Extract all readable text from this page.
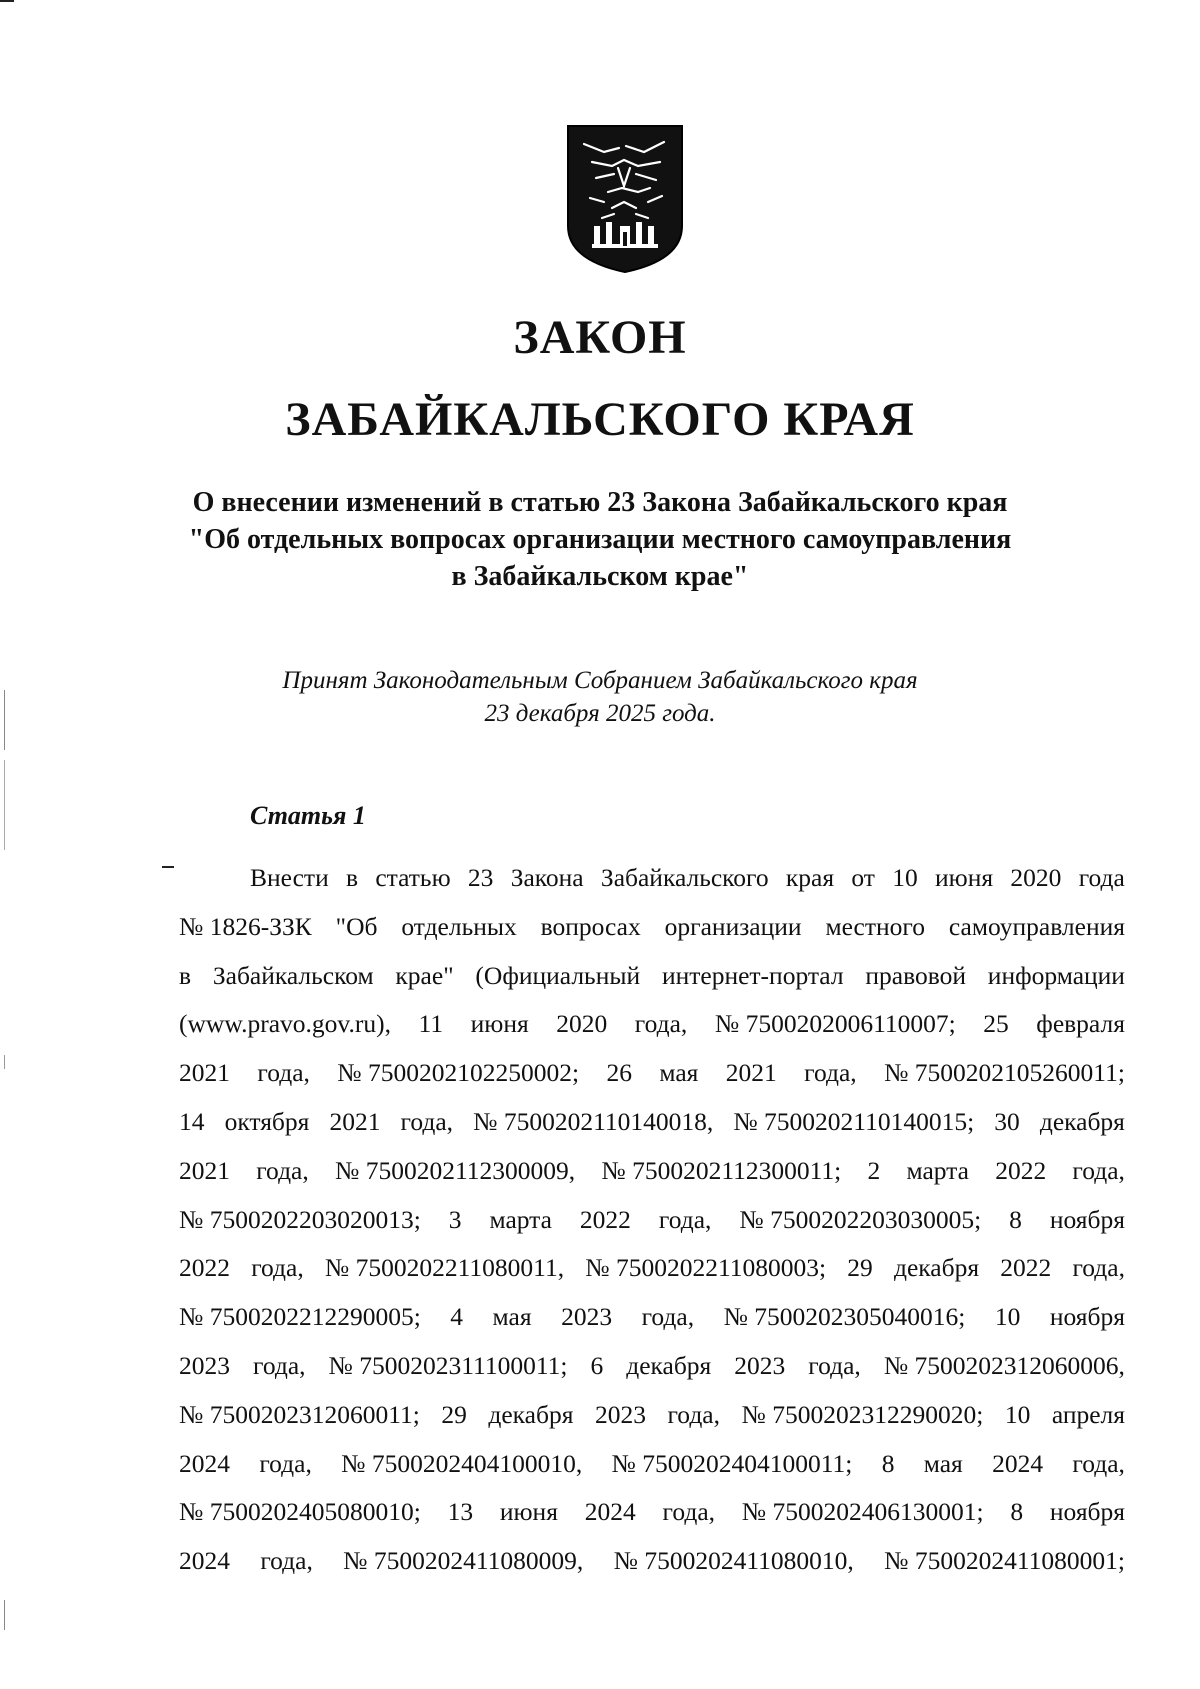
ЗАКОН
ЗАБАЙКАЛЬСКОГО КРАЯ
О внесении изменений в статью 23 Закона Забайкальского края
"Об отдельных вопросах организации местного самоуправления
в Забайкальском крае"
Принят Законодательным Собранием Забайкальского края
23 декабря 2025 года.
Статья 1
Внести в статью 23 Закона Забайкальского края от 10 июня 2020 года
№ 1826-ЗЗК "Об отдельных вопросах организации местного самоуправления
в Забайкальском крае" (Официальный интернет-портал правовой информации
(www.pravo.gov.ru), 11 июня 2020 года, № 7500202006110007; 25 февраля
2021 года, № 7500202102250002; 26 мая 2021 года, № 7500202105260011;
14 октября 2021 года, № 7500202110140018, № 7500202110140015; 30 декабря
2021 года, № 7500202112300009, № 7500202112300011; 2 марта 2022 года,
№ 7500202203020013; 3 марта 2022 года, № 7500202203030005; 8 ноября
2022 года, № 7500202211080011, № 7500202211080003; 29 декабря 2022 года,
№ 7500202212290005; 4 мая 2023 года, № 7500202305040016; 10 ноября
2023 года, № 7500202311100011; 6 декабря 2023 года, № 7500202312060006,
№ 7500202312060011; 29 декабря 2023 года, № 7500202312290020; 10 апреля
2024 года, № 7500202404100010, № 7500202404100011; 8 мая 2024 года,
№ 7500202405080010; 13 июня 2024 года, № 7500202406130001; 8 ноября
2024 года, № 7500202411080009, № 7500202411080010, № 7500202411080001;
